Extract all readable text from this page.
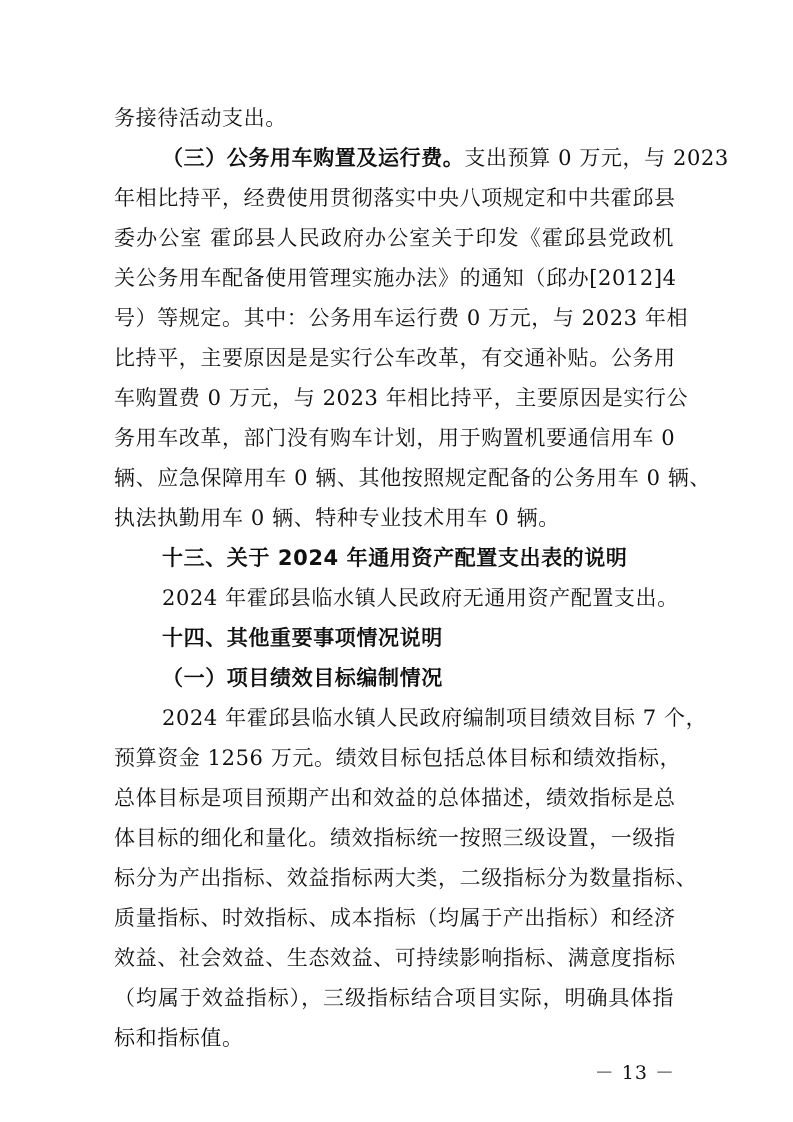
务接待活动支出。
（三）公务用车购置及运行费。支出预算 0 万元，与 2023
年相比持平，经费使用贯彻落实中央八项规定和中共霍邱县
委办公室 霍邱县人民政府办公室关于印发《霍邱县党政机
关公务用车配备使用管理实施办法》的通知（邱办[2012]4
号）等规定。其中：公务用车运行费 0 万元，与 2023 年相
比持平，主要原因是是实行公车改革，有交通补贴。公务用
车购置费 0 万元，与 2023 年相比持平，主要原因是实行公
务用车改革，部门没有购车计划，用于购置机要通信用车 0
辆、应急保障用车 0 辆、其他按照规定配备的公务用车 0 辆、
执法执勤用车 0 辆、特种专业技术用车 0 辆。
十三、关于 2024 年通用资产配置支出表的说明
2024 年霍邱县临水镇人民政府无通用资产配置支出。
十四、其他重要事项情况说明
（一）项目绩效目标编制情况
2024 年霍邱县临水镇人民政府编制项目绩效目标 7 个，
预算资金 1256 万元。绩效目标包括总体目标和绩效指标，
总体目标是项目预期产出和效益的总体描述，绩效指标是总
体目标的细化和量化。绩效指标统一按照三级设置，一级指
标分为产出指标、效益指标两大类，二级指标分为数量指标、
质量指标、时效指标、成本指标（均属于产出指标）和经济
效益、社会效益、生态效益、可持续影响指标、满意度指标
（均属于效益指标），三级指标结合项目实际，明确具体指
标和指标值。
－ 13 －
